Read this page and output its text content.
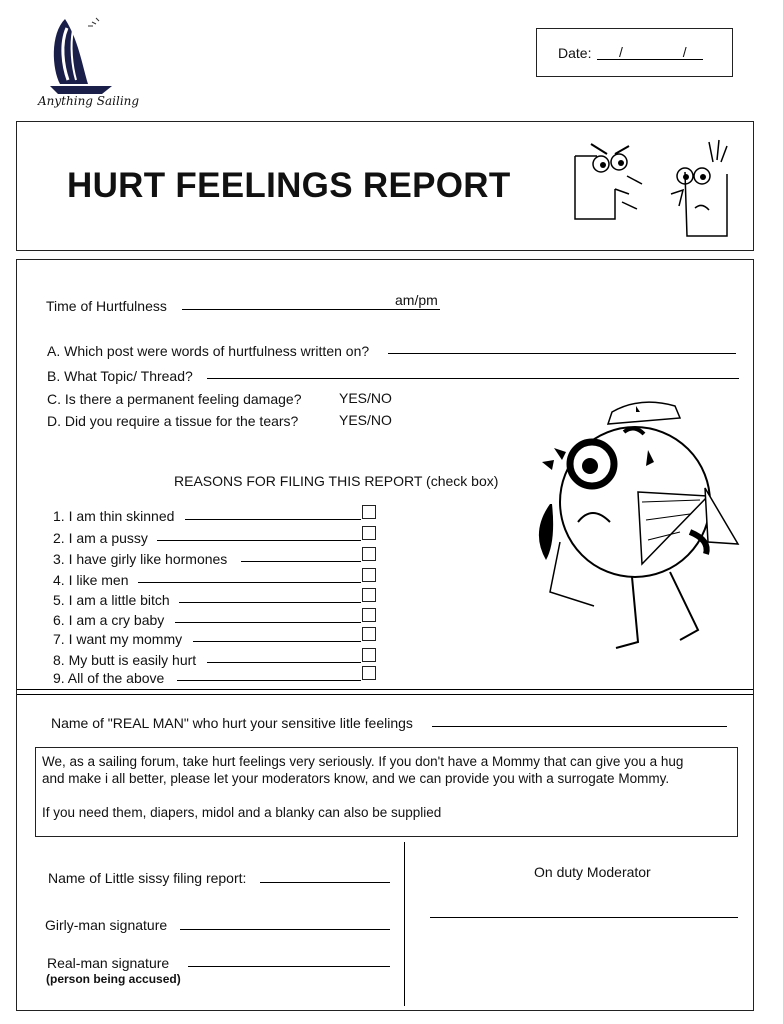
Anything Sailing
Date: / /
HURT FEELINGS REPORT
Time of Hurtfulness	am/pm
A. Which post were words of hurtfulness written on?
B. What Topic/ Thread?
C. Is there a permanent feeling damage?	YES/NO
D. Did you require a tissue for the tears?	YES/NO
REASONS FOR FILING THIS REPORT (check box)
1. I am thin skinned
2. I am a pussy
3. I have girly like hormones
4. I like men
5. I am a little bitch
6. I am a cry baby
7. I want my mommy
8. My butt is easily hurt
9. All of the above
Name of "REAL MAN" who hurt your sensitive litle feelings
We, as a sailing forum, take hurt feelings very seriously. If you don't have a Mommy that can give you a hug
and make i all better, please let your moderators know, and we can provide you with a surrogate Mommy.
If you need them, diapers, midol and a blanky can also be supplied
Name of Little sissy filing report:
Girly-man signature
Real-man signature
(person being accused)
On duty Moderator
